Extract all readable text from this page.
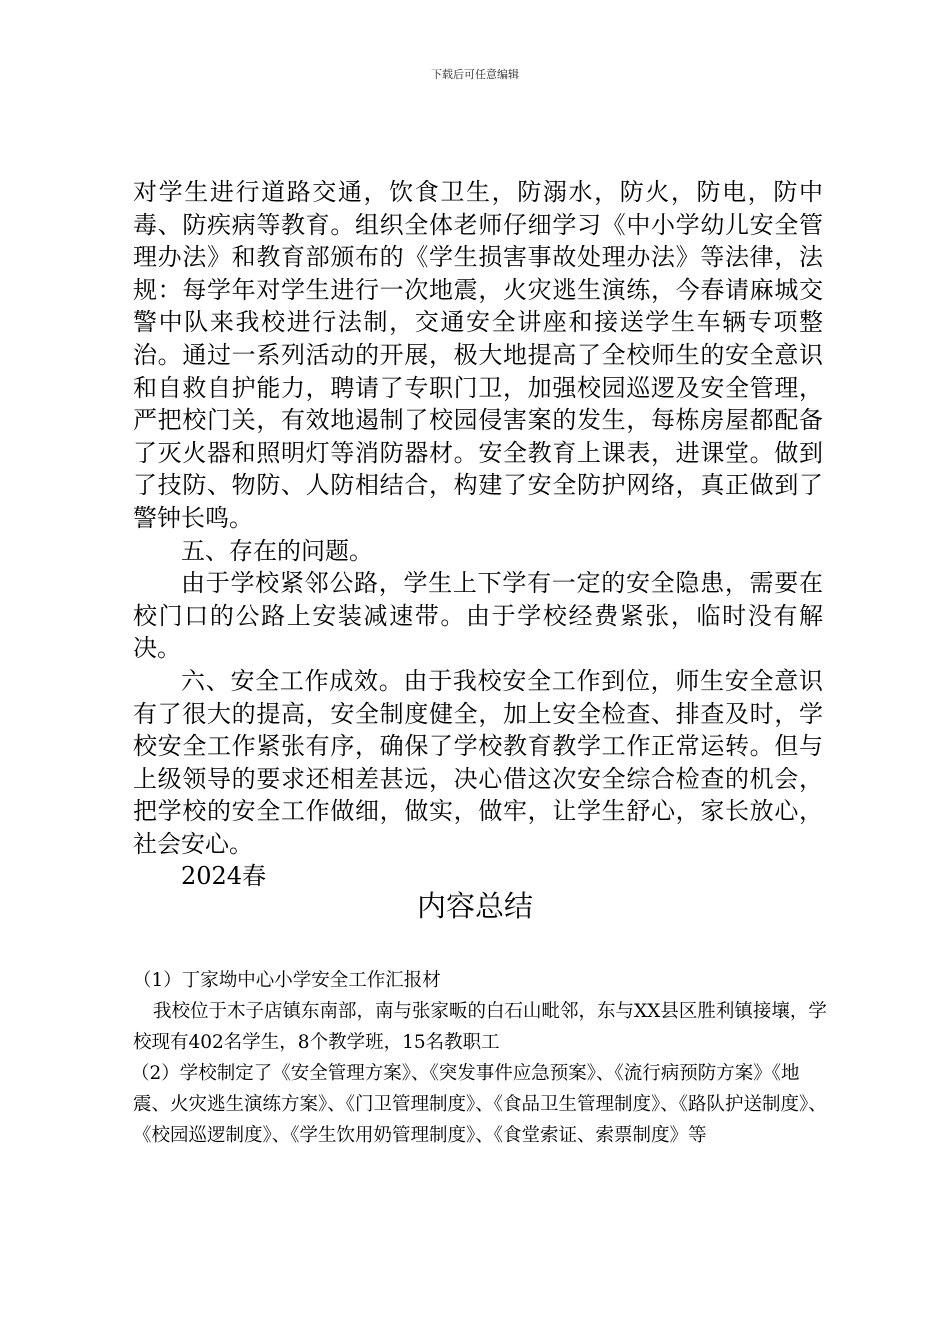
下载后可任意编辑

对学生进行道路交通，饮食卫生，防溺水，防火，防电，防中毒、防疾病等教育。组织全体老师仔细学习《中小学幼儿安全管理办法》和教育部颁布的《学生损害事故处理办法》等法律，法规：每学年对学生进行一次地震，火灾逃生演练，今春请麻城交警中队来我校进行法制，交通安全讲座和接送学生车辆专项整治。通过一系列活动的开展，极大地提高了全校师生的安全意识和自救自护能力，聘请了专职门卫，加强校园巡逻及安全管理，严把校门关，有效地遏制了校园侵害案的发生，每栋房屋都配备了灭火器和照明灯等消防器材。安全教育上课表，进课堂。做到了技防、物防、人防相结合，构建了安全防护网络，真正做到了警钟长鸣。

五、存在的问题。

由于学校紧邻公路，学生上下学有一定的安全隐患，需要在校门口的公路上安装减速带。由于学校经费紧张，临时没有解决。

六、安全工作成效。由于我校安全工作到位，师生安全意识有了很大的提高，安全制度健全，加上安全检查、排查及时，学校安全工作紧张有序，确保了学校教育教学工作正常运转。但与上级领导的要求还相差甚远，决心借这次安全综合检查的机会，把学校的安全工作做细，做实，做牢，让学生舒心，家长放心，社会安心。

2024春

内容总结

（1）丁家坳中心小学安全工作汇报材

我校位于木子店镇东南部，南与张家畈的白石山毗邻，东与XX县区胜利镇接壤，学校现有402名学生，8个教学班，15名教职工

（2）学校制定了《安全管理方案》、《突发事件应急预案》、《流行病预防方案》《地震、火灾逃生演练方案》、《门卫管理制度》、《食品卫生管理制度》、《路队护送制度》、《校园巡逻制度》、《学生饮用奶管理制度》、《食堂索证、索票制度》等
